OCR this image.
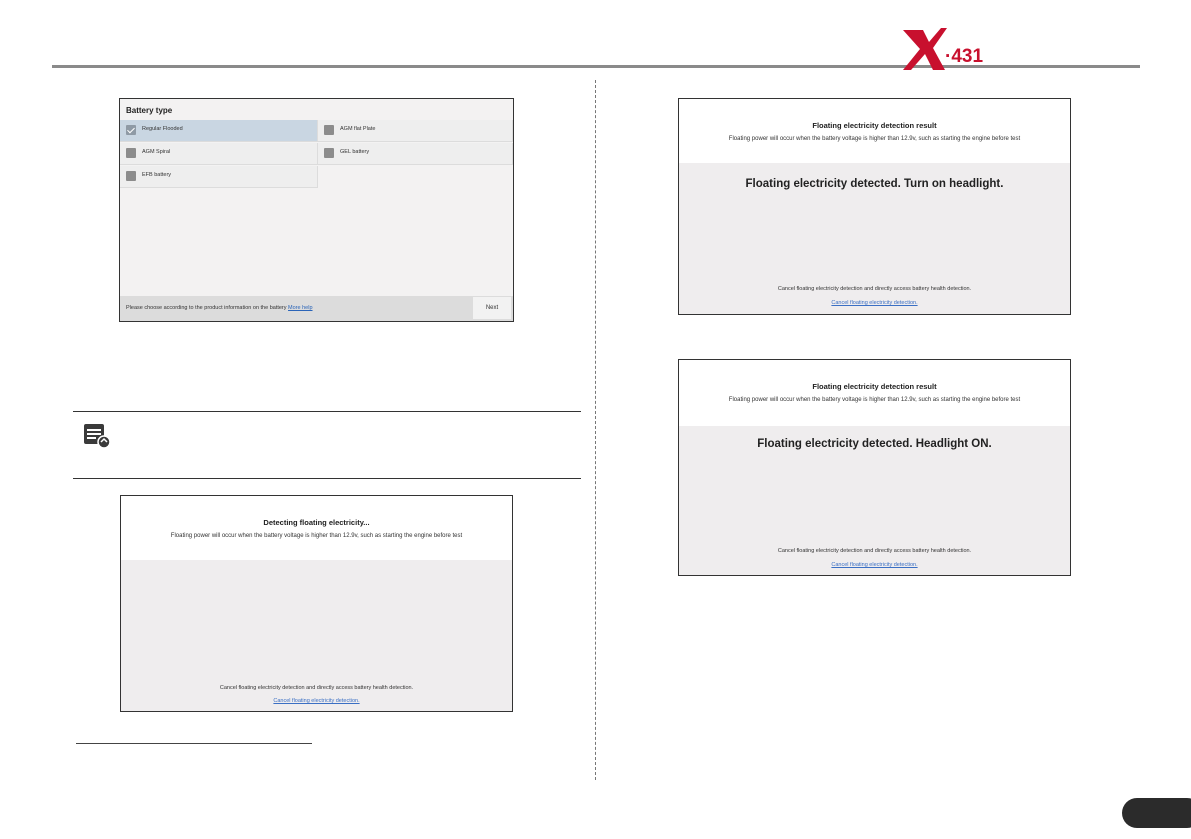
·431
Battery type
Regular Flooded	AGM flat Plate
AGM Spiral	GEL battery
EFB battery
Please choose according to the product information on the battery More help	Next
Detecting floating electricity...
Floating power will occur when the battery voltage is higher than 12.9v, such as starting the engine before test
Cancel floating electricity detection and directly access battery health detection.
Cancel floating electricity detection.
Floating electricity detection result
Floating power will occur when the battery voltage is higher than 12.9v, such as starting the engine before test
Floating electricity detected. Turn on headlight.
Cancel floating electricity detection and directly access battery health detection.
Cancel floating electricity detection.
Floating electricity detection result
Floating power will occur when the battery voltage is higher than 12.9v, such as starting the engine before test
Floating electricity detected. Headlight ON.
Cancel floating electricity detection and directly access battery health detection.
Cancel floating electricity detection.
